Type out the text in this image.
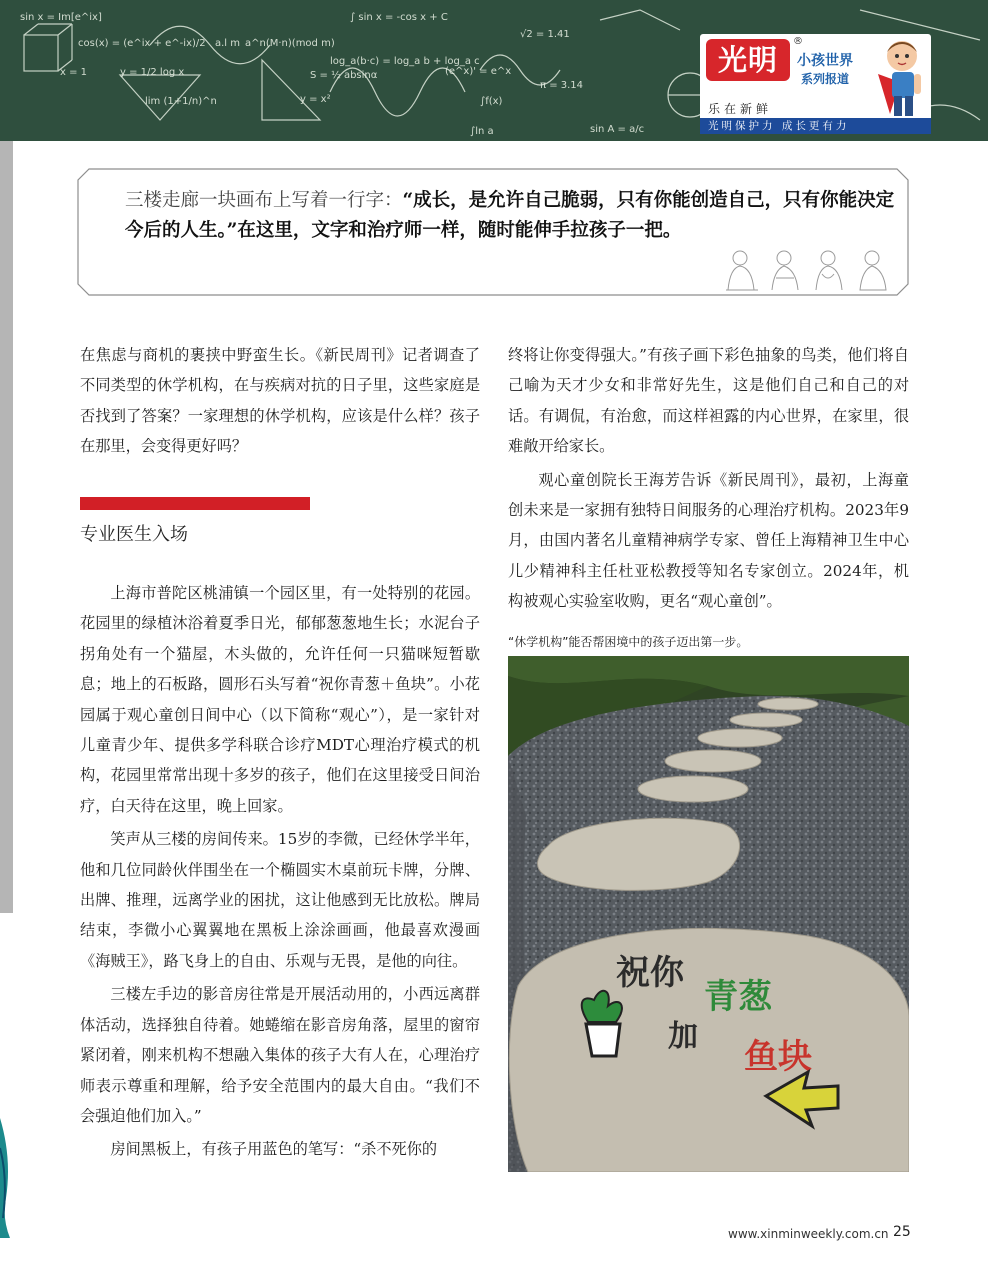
sin x = Im[e^ix]
cos(x) = (e^ix + e^-ix)/2
x = 1	y = 1/2 log x
a.l m a^n(M·n)(mod m)
log_a(b·c) = log_a b + log_a c
∫ sin x = -cos x + C
√2 = 1.41
π = 3.14
S = ½ absinα
y = x²
lim (1+1/n)^n
(e^x)' = e^x
∫f(x)
sin A = a/c
∫ln a
光明
®
小孩世界
系列报道
乐在新鲜
光明保护力 成长更有力
三楼走廊一块画布上写着一行字：“成长，是允许自己脆弱，只有你能创造自己，只有你能决定今后的人生。”在这里，文字和治疗师一样，随时能伸手拉孩子一把。

在焦虑与商机的裹挟中野蛮生长。《新民周刊》记者调查了不同类型的休学机构，在与疾病对抗的日子里，这些家庭是否找到了答案？一家理想的休学机构，应该是什么样？孩子在那里，会变得更好吗？

专业医生入场

上海市普陀区桃浦镇一个园区里，有一处特别的花园。花园里的绿植沐浴着夏季日光，郁郁葱葱地生长；水泥台子拐角处有一个猫屋，木头做的，允许任何一只猫咪短暂歇息；地上的石板路，圆形石头写着“祝你青葱＋鱼块”。小花园属于观心童创日间中心（以下简称“观心”），是一家针对儿童青少年、提供多学科联合诊疗MDT心理治疗模式的机构，花园里常常出现十多岁的孩子，他们在这里接受日间治疗，白天待在这里，晚上回家。

笑声从三楼的房间传来。15岁的李微，已经休学半年，他和几位同龄伙伴围坐在一个椭圆实木桌前玩卡牌，分牌、出牌、推理，远离学业的困扰，这让他感到无比放松。牌局结束，李微小心翼翼地在黑板上涂涂画画，他最喜欢漫画《海贼王》，路飞身上的自由、乐观与无畏，是他的向往。

三楼左手边的影音房往常是开展活动用的，小西远离群体活动，选择独自待着。她蜷缩在影音房角落，屋里的窗帘紧闭着，刚来机构不想融入集体的孩子大有人在，心理治疗师表示尊重和理解，给予安全范围内的最大自由。“我们不会强迫他们加入。”

房间黑板上，有孩子用蓝色的笔写：“杀不死你的

终将让你变得强大。”有孩子画下彩色抽象的鸟类，他们将自己喻为天才少女和非常好先生，这是他们自己和自己的对话。有调侃，有治愈，而这样袒露的内心世界，在家里，很难敞开给家长。

观心童创院长王海芳告诉《新民周刊》，最初，上海童创未来是一家拥有独特日间服务的心理治疗机构。2023年9月，由国内著名儿童精神病学专家、曾任上海精神卫生中心儿少精神科主任杜亚松教授等知名专家创立。2024年，机构被观心实验室收购，更名“观心童创”。

“休学机构”能否帮困境中的孩子迈出第一步。
祝你
青葱
加
鱼块
www.xinminweekly.com.cn 25
